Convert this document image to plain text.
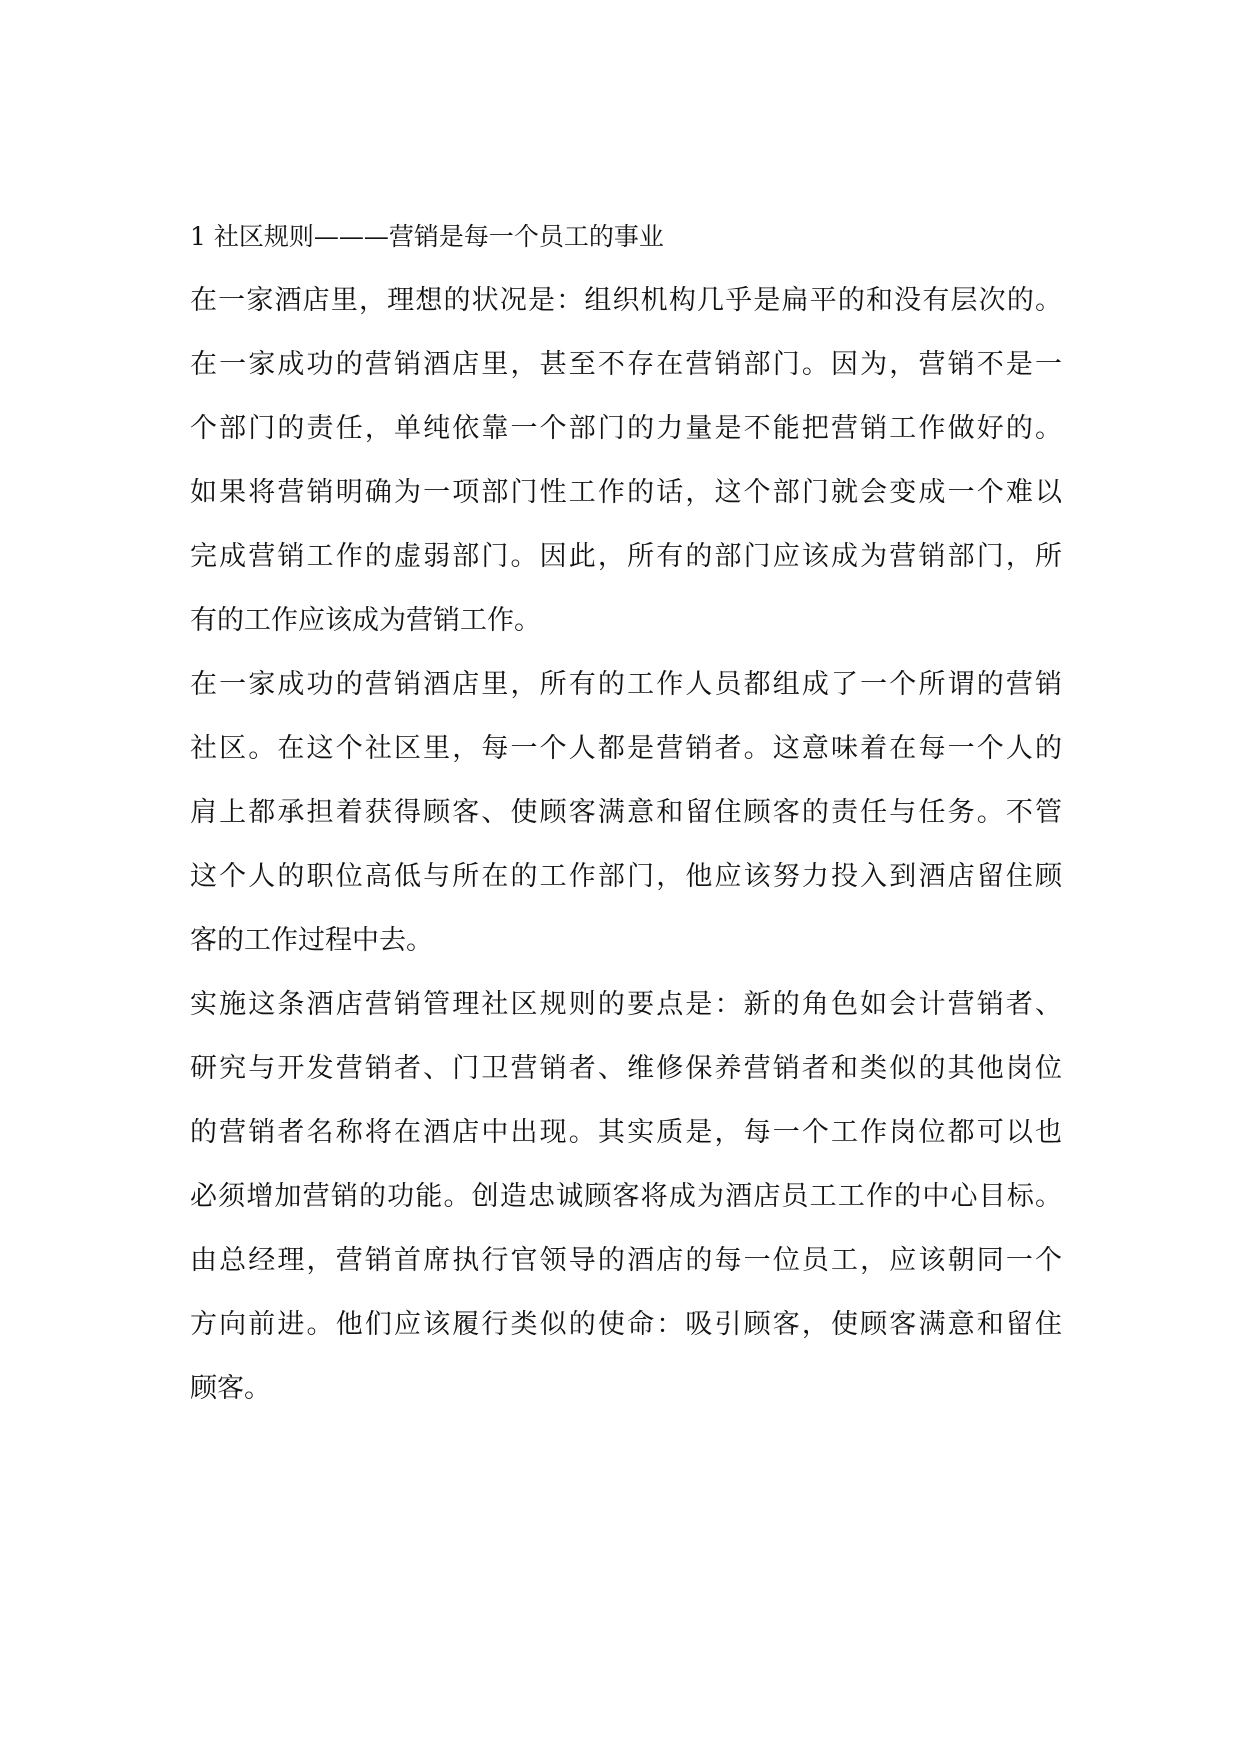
1 社区规则———营销是每一个员工的事业
在一家酒店里，理想的状况是：组织机构几乎是扁平的和没有层次的。
在一家成功的营销酒店里，甚至不存在营销部门。因为，营销不是一
个部门的责任，单纯依靠一个部门的力量是不能把营销工作做好的。
如果将营销明确为一项部门性工作的话，这个部门就会变成一个难以
完成营销工作的虚弱部门。因此，所有的部门应该成为营销部门，所
有的工作应该成为营销工作。
在一家成功的营销酒店里，所有的工作人员都组成了一个所谓的营销
社区。在这个社区里，每一个人都是营销者。这意味着在每一个人的
肩上都承担着获得顾客、使顾客满意和留住顾客的责任与任务。不管
这个人的职位高低与所在的工作部门，他应该努力投入到酒店留住顾
客的工作过程中去。
实施这条酒店营销管理社区规则的要点是：新的角色如会计营销者、
研究与开发营销者、门卫营销者、维修保养营销者和类似的其他岗位
的营销者名称将在酒店中出现。其实质是，每一个工作岗位都可以也
必须增加营销的功能。创造忠诚顾客将成为酒店员工工作的中心目标。
由总经理，营销首席执行官领导的酒店的每一位员工，应该朝同一个
方向前进。他们应该履行类似的使命：吸引顾客，使顾客满意和留住
顾客。
